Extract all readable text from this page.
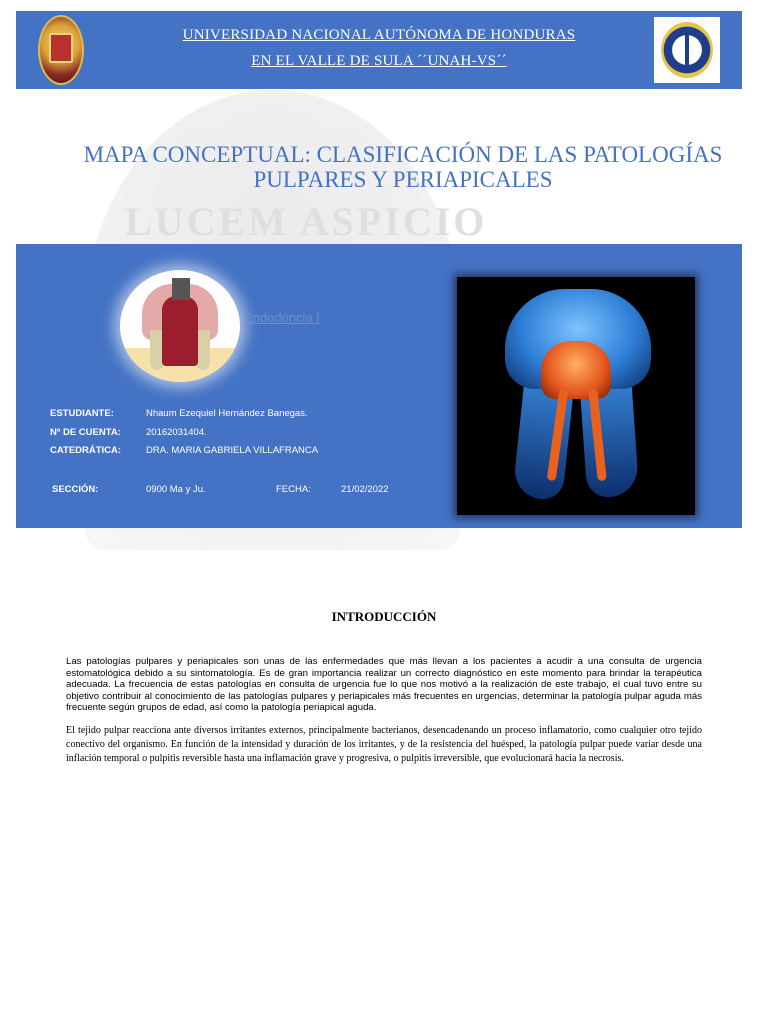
LUCEM ASPICIO
UNIVERSIDAD NACIONAL AUTÓNOMA DE HONDURAS
EN EL VALLE DE SULA ´´UNAH-VS´´
MAPA CONCEPTUAL: CLASIFICACIÓN DE LAS PATOLOGÍAS PULPARES Y PERIAPICALES
Endodoncia I
ESTUDIANTE:	Nhaum Ezequiel Hernández Banegas.
Nº DE CUENTA:	20162031404.
CATEDRÁTICA:	DRA. MARIA GABRIELA VILLAFRANCA
SECCIÓN:	0900 Ma y Ju.	FECHA:	21/02/2022
INTRODUCCIÓN
Las patologías pulpares y periapicales son unas de las enfermedades que más llevan a los pacientes a acudir a una consulta de urgencia estomatológica debido a su sintomatología. Es de gran importancia realizar un correcto diagnóstico en este momento para brindar la terapéutica adecuada. La frecuencia de estas patologías en consulta de urgencia fue lo que nos motivó a la realización de este trabajo, el cual tuvo entre su objetivo contribuir al conocimiento de las patologías pulpares y periapicales más frecuentes en urgencias, determinar la patología pulpar aguda más frecuente según grupos de edad, así como la patología periapical aguda.
El tejido pulpar reacciona ante diversos irritantes externos, principalmente bacterianos, desencadenando un proceso inflamatorio, como cualquier otro tejido conectivo del organismo. En función de la intensidad y duración de los irritantes, y de la resistencia del huésped, la patología pulpar puede variar desde una inflación temporal o pulpitis reversible hasta una inflamación grave y progresiva, o pulpitis irreversible, que evolucionará hacia la necrosis.
